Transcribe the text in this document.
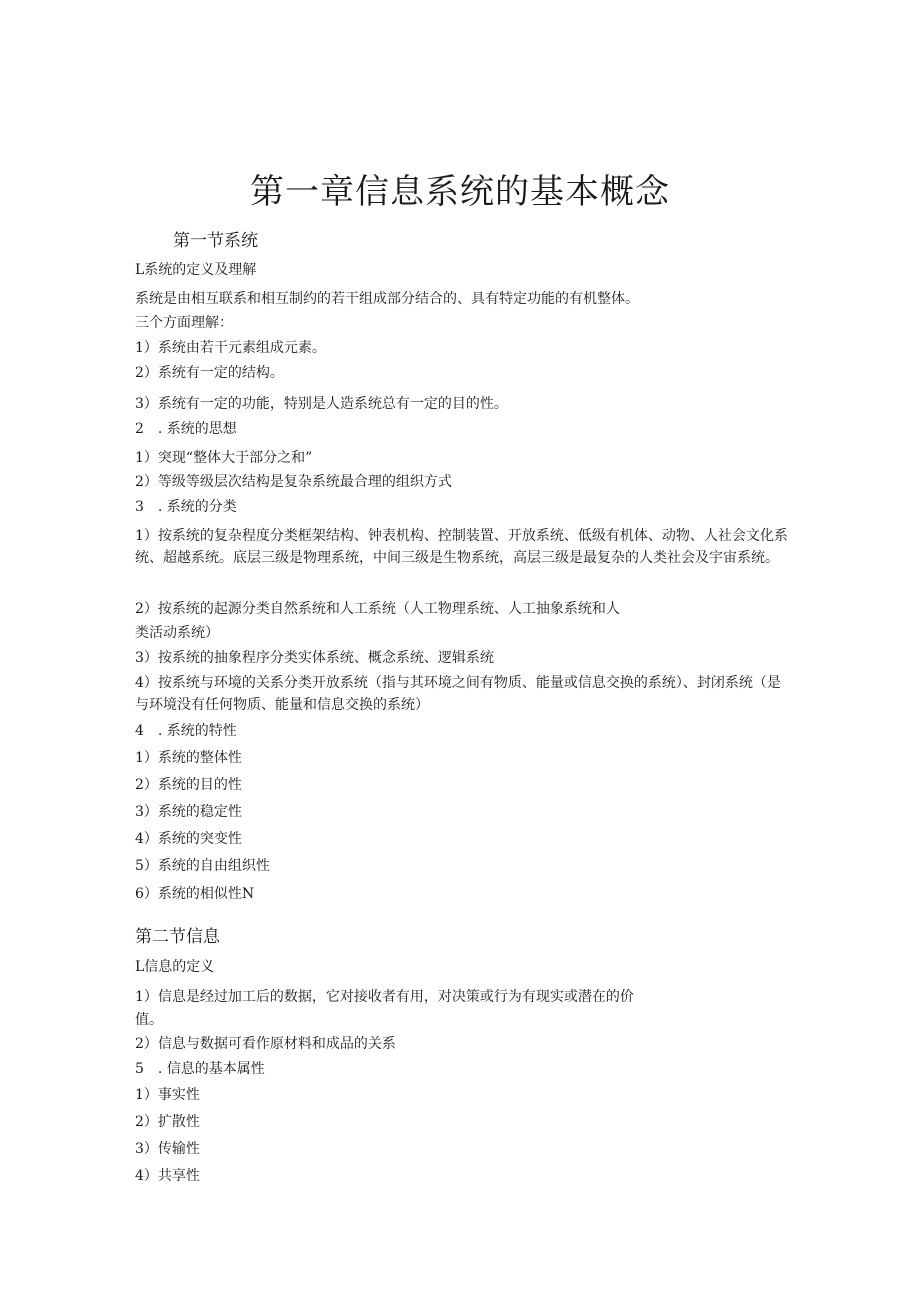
第一章信息系统的基本概念
第一节系统
L系统的定义及理解
系统是由相互联系和相互制约的若干组成部分结合的、具有特定功能的有机整体。
三个方面理解：
1）系统由若干元素组成元素。
2）系统有一定的结构。
3）系统有一定的功能，特别是人造系统总有一定的目的性。
2　. 系统的思想
1）突现“整体大于部分之和”
2）等级等级层次结构是复杂系统最合理的组织方式
3　. 系统的分类

1）按系统的复杂程度分类框架结构、钟表机构、控制装置、开放系统、低级有机体、动物、人社会文化系统、超越系统。底层三级是物理系统，中间三级是生物系统，高层三级是最复杂的人类社会及宇宙系统。

2）按系统的起源分类自然系统和人工系统（人工物理系统、人工抽象系统和人
类活动系统）
3）按系统的抽象程序分类实体系统、概念系统、逻辑系统

4）按系统与环境的关系分类开放系统（指与其环境之间有物质、能量或信息交换的系统）、封闭系统（是与环境没有任何物质、能量和信息交换的系统）

4　. 系统的特性
1）系统的整体性
2）系统的目的性
3）系统的稳定性
4）系统的突变性
5）系统的自由组织性
6）系统的相似性N
第二节信息
L信息的定义
1）信息是经过加工后的数据，它对接收者有用，对决策或行为有现实或潜在的价
值。
2）信息与数据可看作原材料和成品的关系
5　. 信息的基本属性
1）事实性
2）扩散性
3）传输性
4）共享性
